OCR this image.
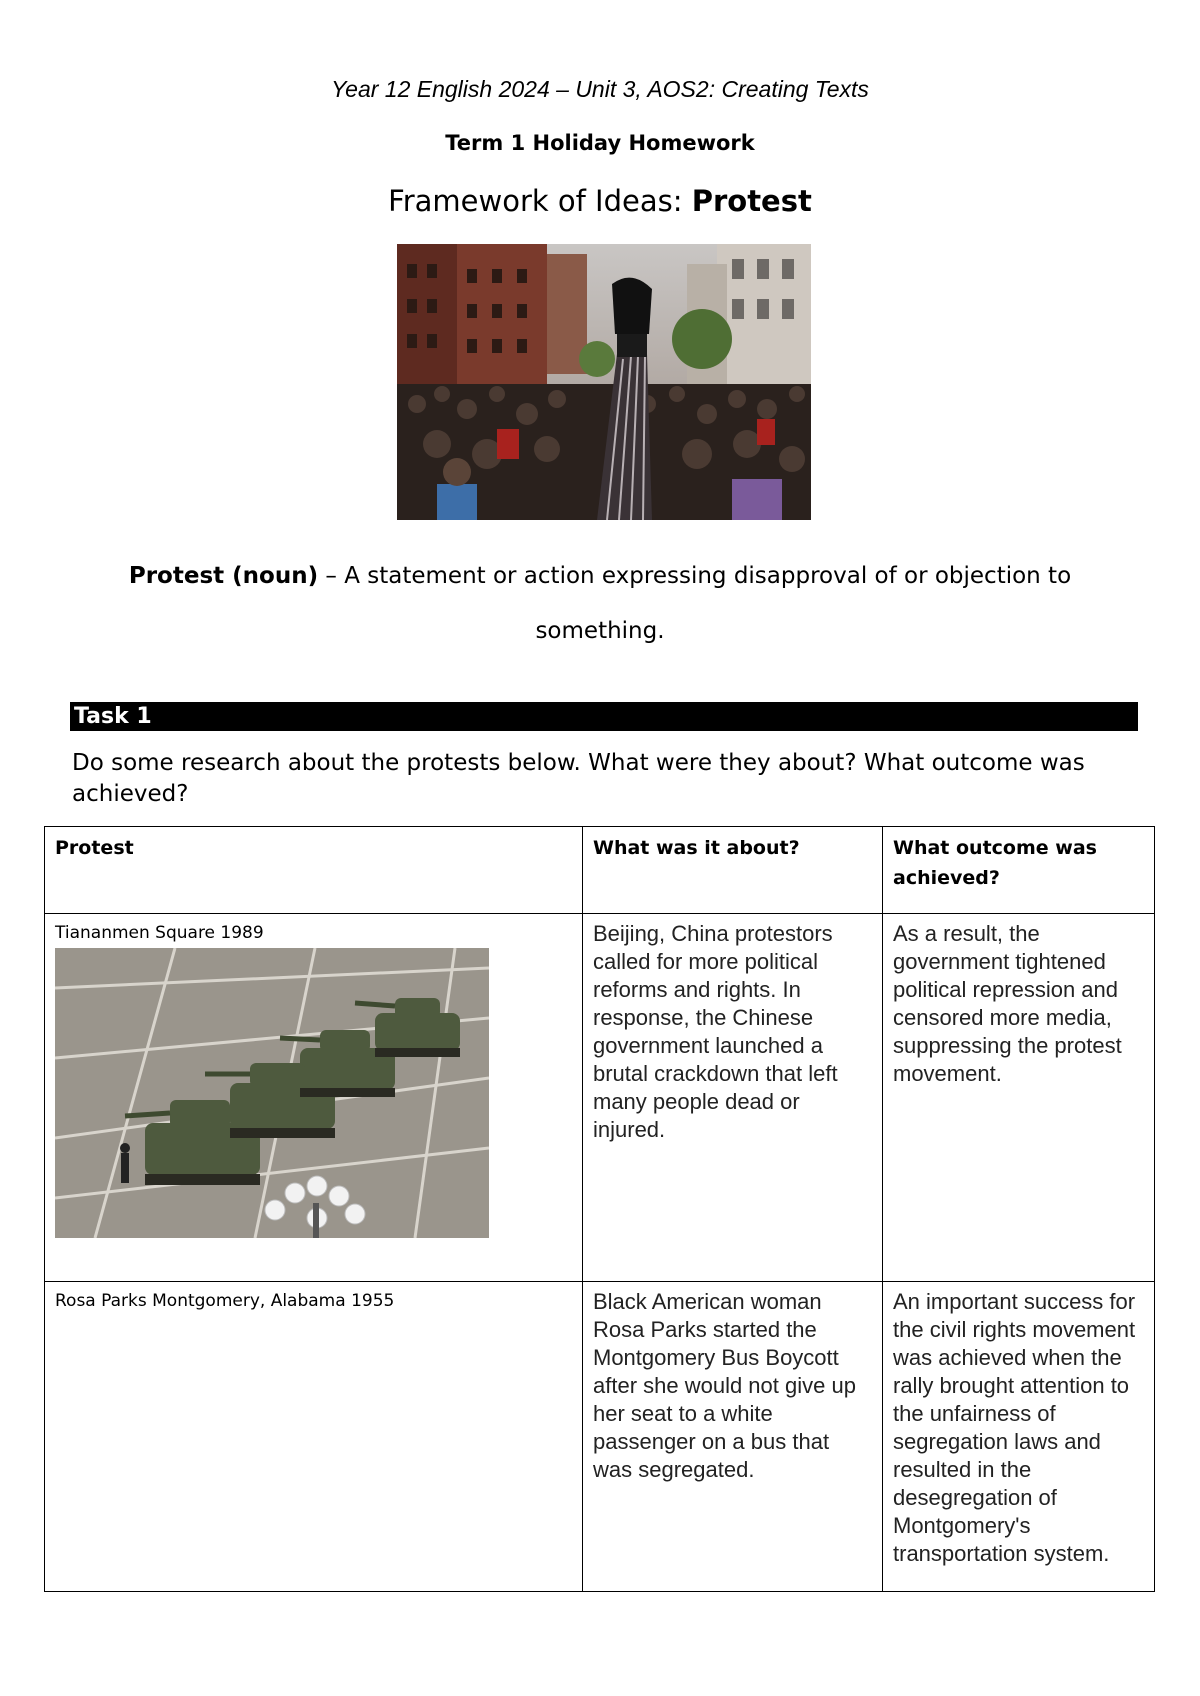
Year 12 English 2024 – Unit 3, AOS2: Creating Texts
Term 1 Holiday Homework
Framework of Ideas: Protest
Protest (noun) – A statement or action expressing disapproval of or objection to
something.
Task 1
Do some research about the protests below. What were they about? What outcome was achieved?
Protest	What was it about?	What outcome was achieved?

Tiananmen Square 1989	Beijing, China protestors called for more political reforms and rights. In response, the Chinese government launched a brutal crackdown that left many people dead or injured.	As a result, the government tightened political repression and censored more media, suppressing the protest movement.

Rosa Parks Montgomery, Alabama 1955	Black American woman Rosa Parks started the Montgomery Bus Boycott after she would not give up her seat to a white passenger on a bus that was segregated.	An important success for the civil rights movement was achieved when the rally brought attention to the unfairness of segregation laws and resulted in the desegregation of Montgomery's transportation system.
